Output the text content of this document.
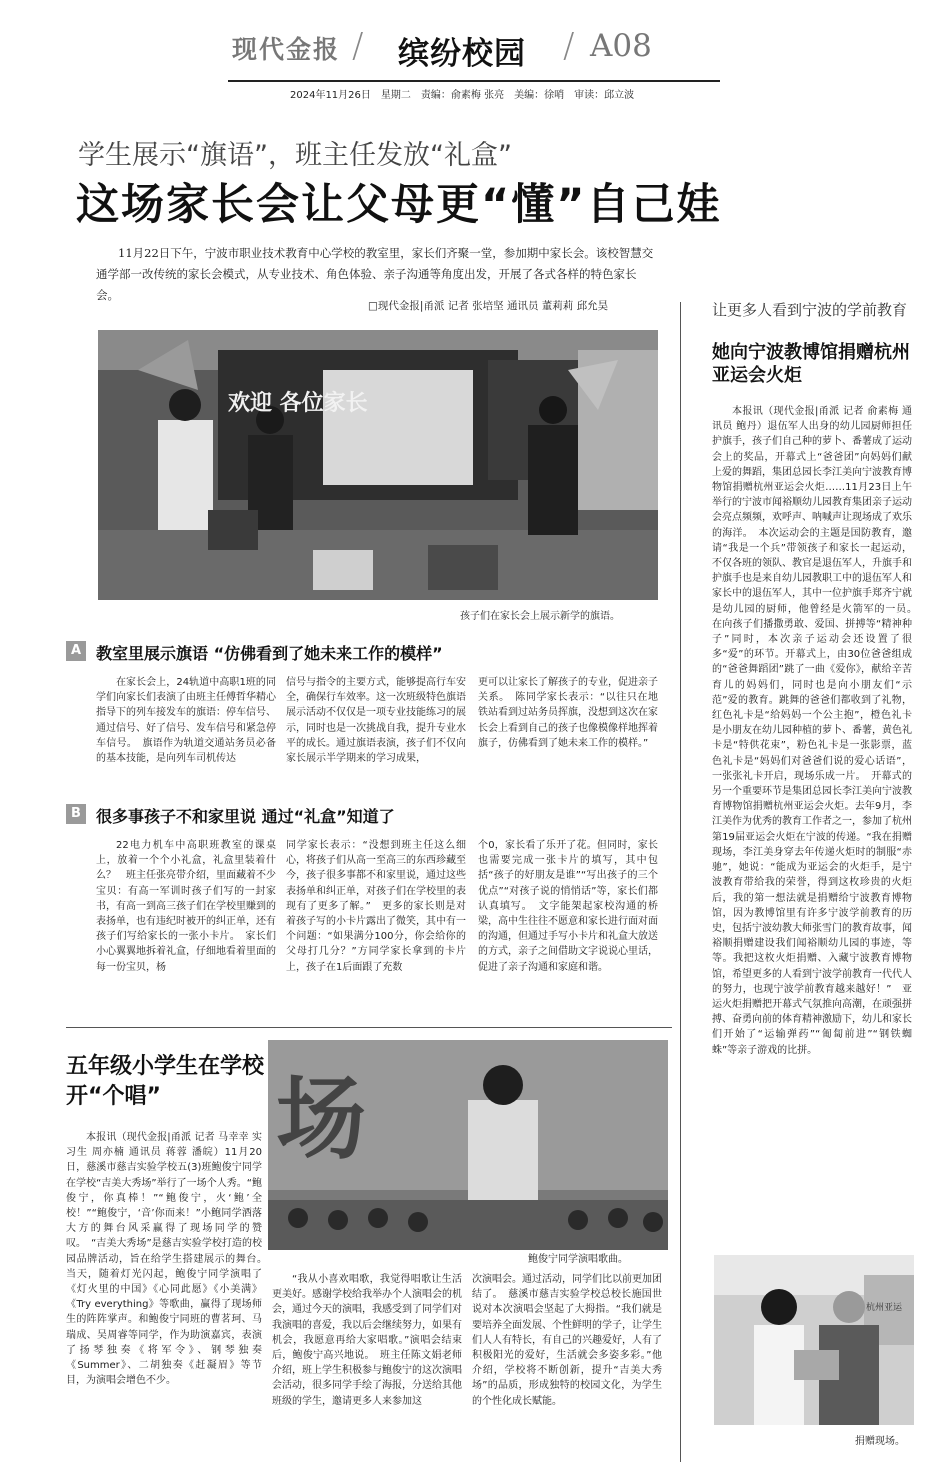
现代金报 / 缤纷校园 / A08
2024年11月26日　星期二　责编：俞素梅 张亮　美编：徐哨　审读：邱立波
学生展示“旗语”，班主任发放“礼盒”
这场家长会让父母更“懂”自己娃
11月22日下午，宁波市职业技术教育中心学校的教室里，家长们齐聚一堂，参加期中家长会。该校智慧交通学部一改传统的家长会模式，从专业技术、角色体验、亲子沟通等角度出发，开展了各式各样的特色家长会。
□现代金报|甬派 记者 张培坚 通讯员 董莉莉 邱允昊
欢迎 各位家长
孩子们在家长会上展示新学的旗语。
A 教室里展示旗语 “仿佛看到了她未来工作的模样”

在家长会上，24轨道中高职1班的同学们向家长们表演了由班主任傅哲华精心指导下的列车接发车的旗语：停车信号、通过信号、好了信号、发车信号和紧急停车信号。　旗语作为轨道交通站务员必备的基本技能，是向列车司机传达

信号与指令的主要方式，能够提高行车安全，确保行车效率。这一次班级特色旗语展示活动不仅仅是一项专业技能练习的展示，同时也是一次挑战自我，提升专业水平的成长。通过旗语表演，孩子们不仅向家长展示半学期来的学习成果，

更可以让家长了解孩子的专业，促进亲子关系。　陈同学家长表示：“以往只在地铁站看到过站务员挥旗，没想到这次在家长会上看到自己的孩子也像模像样地挥着旗子，仿佛看到了她未来工作的模样。”

B 很多事孩子不和家里说 通过“礼盒”知道了

22电力机车中高职班教室的课桌上，放着一个个小礼盒，礼盒里装着什么？　班主任张亮带介绍，里面藏着不少宝贝：有高一军训时孩子们写的一封家书，有高一到高三孩子们在学校里赚到的表扬单，也有违纪时被开的纠正单，还有孩子们写给家长的一张小卡片。　家长们小心翼翼地拆着礼盒，仔细地看着里面的每一份宝贝，杨

同学家长表示：“没想到班主任这么细心，将孩子们从高一至高三的东西珍藏至今，孩子很多事都不和家里说，通过这些表扬单和纠正单，对孩子们在学校里的表现有了更多了解。”　更多的家长则是对着孩子写的小卡片露出了微笑，其中有一个问题：“如果满分100分，你会给你的父母打几分？”方同学家长拿到的卡片上，孩子在1后面跟了充数

个0，家长看了乐开了花。但同时，家长也需要完成一张卡片的填写，其中包括“孩子的好朋友是谁”“写出孩子的三个优点”“对孩子说的悄悄话”等，家长们都认真填写。　文字能架起家校沟通的桥梁，高中生往往不愿意和家长进行面对面的沟通，但通过手写小卡片和礼盒大放送的方式，亲子之间借助文字说说心里话，促进了亲子沟通和家庭和谐。

五年级小学生在学校开“个唱”	场
鲍俊宁同学演唱歌曲。

本报讯（现代金报|甬派 记者 马幸幸 实习生 周亦楠 通讯员 蒋蓉 潘皖）11月20日，慈溪市慈吉实验学校五(3)班鲍俊宁同学在学校“吉美大秀场”举行了一场个人秀。“鲍俊宁，你真棒！”“鲍俊宁，火‘鲍’全校！”“鲍俊宁，‘音’你而来！”小鲍同学酒落大方的舞台风采赢得了现场同学的赞叹。　“吉美大秀场”是慈吉实验学校打造的校园品牌活动，旨在给学生搭建展示的舞台。　当天，随着灯光闪起，鲍俊宁同学演唱了《灯火里的中国》《心同此愿》《小美满》《Try everything》等歌曲，赢得了现场师生的阵阵掌声。和鲍俊宁同班的曹茗珂、马瑞成、吴周睿等同学，作为助演嘉宾，表演了扬琴独奏《将军令》、钢琴独奏《Summer》、二胡独奏《赶凝眉》等节目，为演唱会增色不少。

“我从小喜欢唱歌，我觉得唱歌让生活更美好。感谢学校给我举办个人演唱会的机会，通过今天的演唱，我感受到了同学们对我演唱的喜爱，我以后会继续努力，如果有机会，我愿意再给大家唱歌。”演唱会结束后，鲍俊宁高兴地说。　班主任陈文娟老师介绍，班上学生积极参与鲍俊宁的这次演唱会活动，很多同学手绘了海报，分送给其他班级的学生，邀请更多人来参加这

次演唱会。通过活动，同学们比以前更加团结了。　慈溪市慈吉实验学校总校长施国世说对本次演唱会坚起了大拇指。“我们就是要培养全面发展、个性鲜明的学子，让学生们人人有特长，有自己的兴趣爱好，人有了积极阳光的爱好，生活就会多姿多彩。”他介绍，学校将不断创新，提升“吉美大秀场”的品质，形成独特的校园文化，为学生的个性化成长赋能。

让更多人看到宁波的学前教育
她向宁波教博馆捐赠杭州亚运会火炬

本报讯（现代金报|甬派 记者 俞素梅 通讯员 鲍丹）退伍军人出身的幼儿园厨师担任护旗手，孩子们自己种的萝卜、番薯成了运动会上的奖品，开幕式上“爸爸团”向妈妈们献上爱的舞蹈，集团总园长李江美向宁波教育博物馆捐赠杭州亚运会火炬……11月23日上午举行的宁波市闻裕顺幼儿园教育集团亲子运动会亮点频频，欢呼声、呐喊声让现场成了欢乐的海洋。　本次运动会的主题是国防教育，邀请“我是一个兵”带领孩子和家长一起运动，不仅各班的领队、教官是退伍军人，升旗手和护旗手也是来自幼儿园教职工中的退伍军人和家长中的退伍军人，其中一位护旗手郑齐宁就是幼儿园的厨师，他曾经是火箭军的一员。　在向孩子们播撒勇敢、爱国、拼搏等“精神种子”同时，本次亲子运动会还设置了很多“爱”的环节。开幕式上，由30位爸爸组成的“爸爸舞蹈团”跳了一曲《爱你》，献给辛苦育儿的妈妈们，同时也是向小朋友们“示范”爱的教育。跳舞的爸爸们都收到了礼物，红色礼卡是“给妈妈一个公主抱”，橙色礼卡是小朋友在幼儿园种植的萝卜、番薯，黄色礼卡是“特供花束”，粉色礼卡是一张影票，蓝色礼卡是“妈妈们对爸爸们说的爱心话语”，一张张礼卡开启，现场乐成一片。　开幕式的另一个重要环节是集团总园长李江美向宁波教育博物馆捐赠杭州亚运会火炬。去年9月，李江美作为优秀的教育工作者之一，参加了杭州第19届亚运会火炬在宁波的传递。“我在捐赠现场，李江美身穿去年传递火炬时的制服“赤驰”，她说：“能成为亚运会的火炬手，是宁波教育带给我的荣誉，得到这枚珍贵的火炬后，我的第一想法就是捐赠给宁波教育博物馆，因为教博馆里有许多宁波学前教育的历史，包括宁波幼教大师张雪门的教育故事，闻裕顺捐赠建设我们闻裕顺幼儿园的事迹，等等。我把这枚火炬捐赠、入藏宁波教育博物馆，希望更多的人看到宁波学前教育一代代人的努力，也现宁波学前教育越来越好！”　亚运火炬捐赠把开幕式气氛推向高潮，在顽强拼搏、奋勇向前的体育精神激励下，幼儿和家长们开始了“运输弹药”“匍匐前进”“钢铁蜘蛛”等亲子游戏的比拼。

杭州亚运
捐赠现场。
